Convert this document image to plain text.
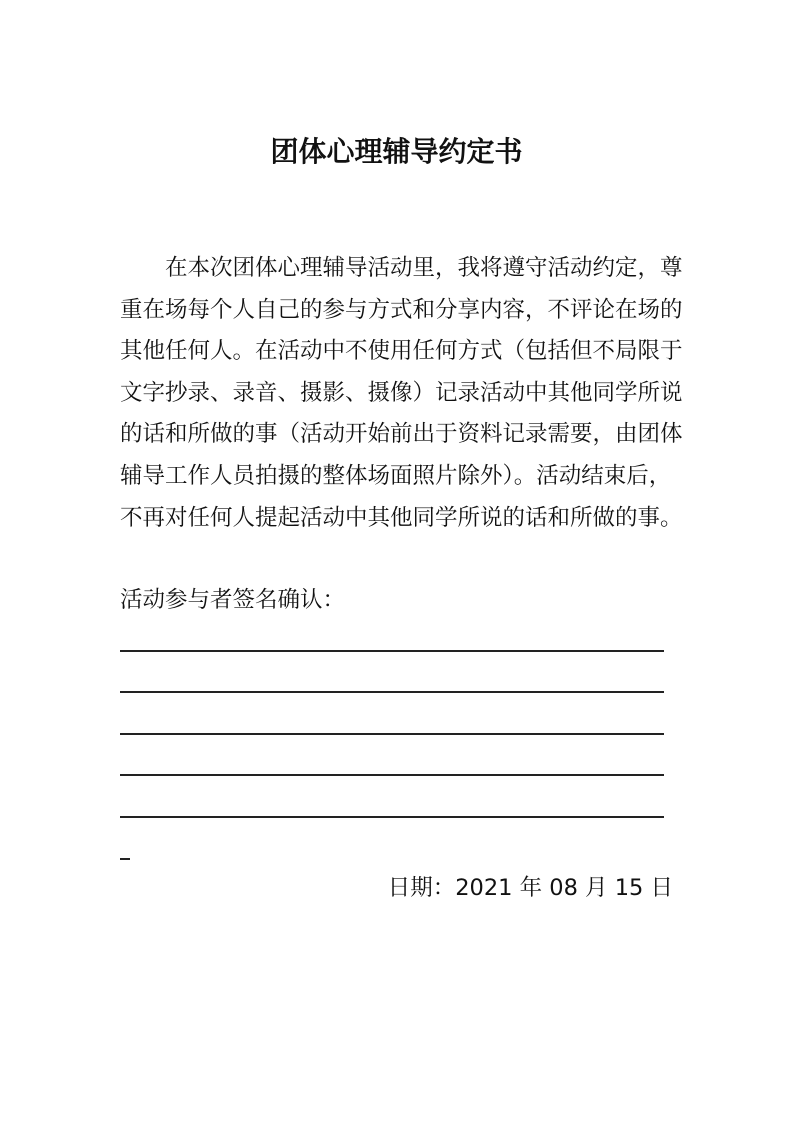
团体心理辅导约定书
在本次团体心理辅导活动里，我将遵守活动约定，尊
重在场每个人自己的参与方式和分享内容，不评论在场的
其他任何人。在活动中不使用任何方式（包括但不局限于
文字抄录、录音、摄影、摄像）记录活动中其他同学所说
的话和所做的事（活动开始前出于资料记录需要，由团体
辅导工作人员拍摄的整体场面照片除外）。活动结束后，
不再对任何人提起活动中其他同学所说的话和所做的事。
活动参与者签名确认：
日期：2021 年 08 月 15 日
